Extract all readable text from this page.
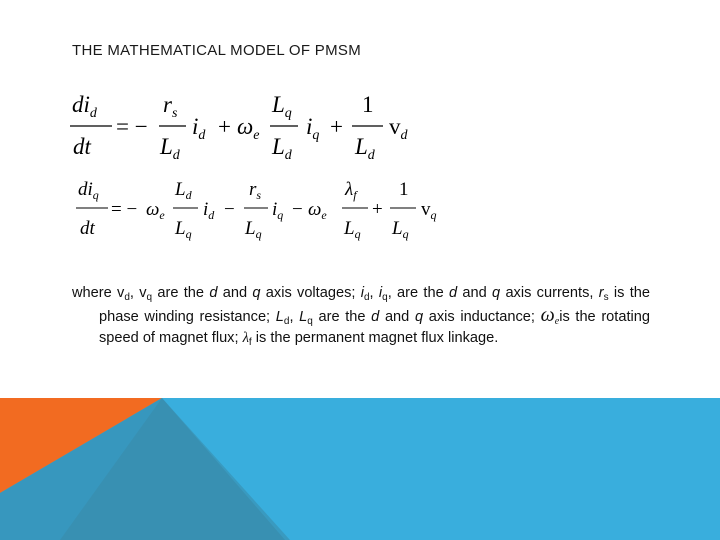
THE MATHEMATICAL MODEL OF PMSM
$di_d$
dt
= −
$r_s$
$L_d$
$i_d + \omega_e$
$L_q$
$L_d$
$i_q$ +
1
$L_d$
$v_d$
$di_q$
dt
= − $\omega_e$
$L_d$
$L_q$
$i_d$ −
$r_s$
$L_q$
$i_q - \omega_e$
$\lambda_f$
$L_q$
+
1
$L_q$
$v_q$
where $v_d$, $v_q$ are the d and q axis voltages; $i_d$, $i_q$, are the d and q axis currents, $r_s$ is the phase winding resistance; $L_d$, $L_q$ are the d and q axis inductance; $\omega_eis$ the rotating speed of magnet flux; $\lambda_f$ is the permanent magnet flux linkage.
